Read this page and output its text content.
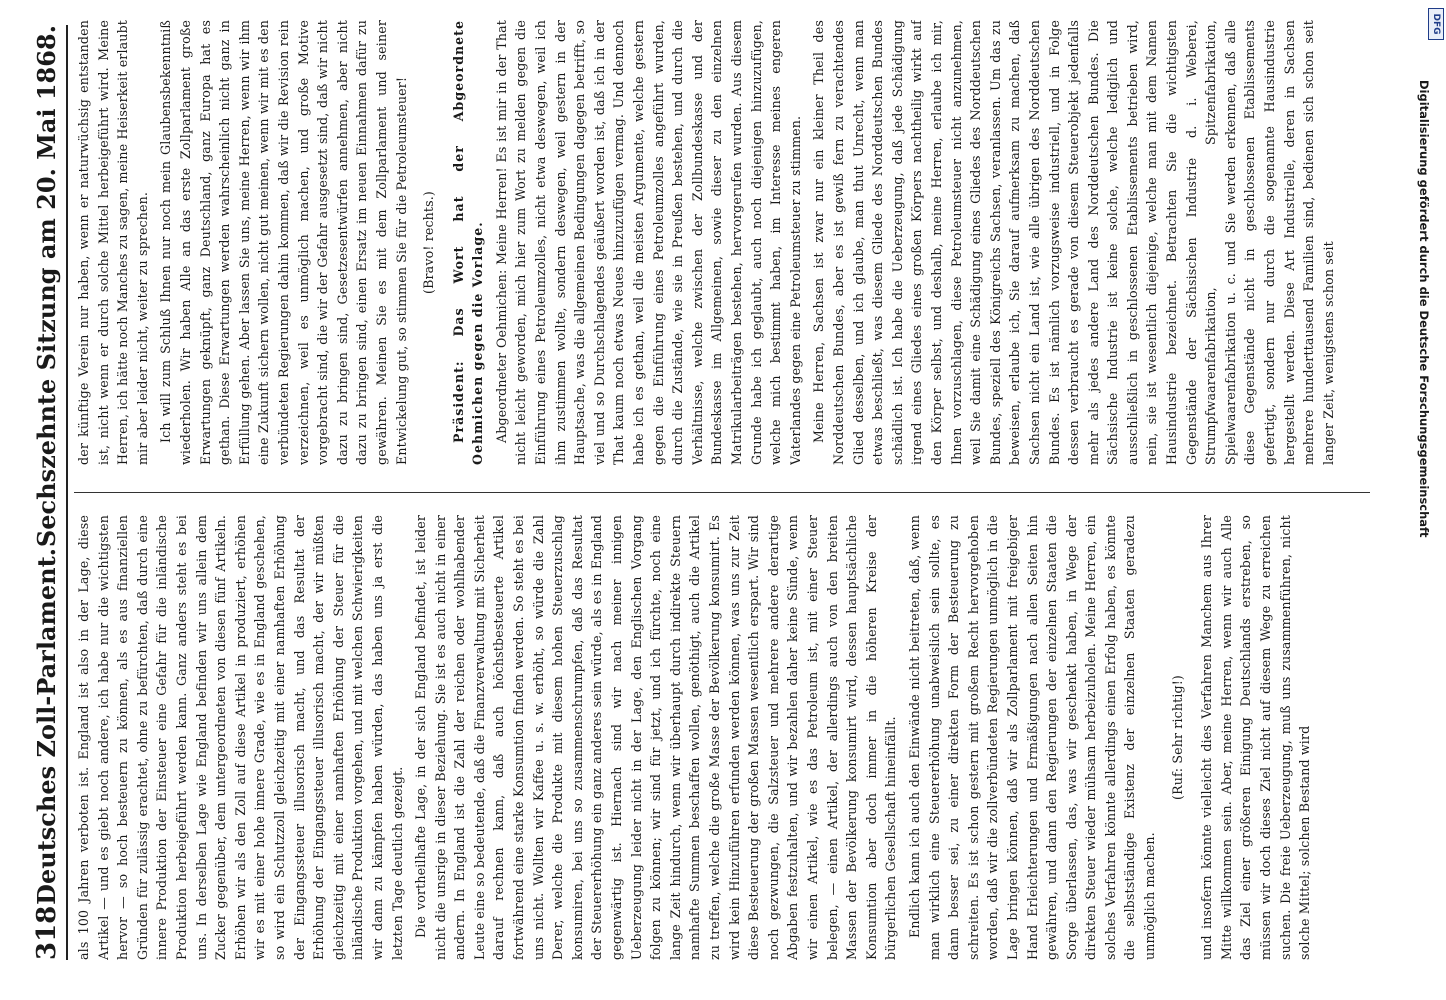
318
Deutsches Zoll-Parlament.
Sechszehnte Sitzung am 20. Mai 1868.

als 100 Jahren verboten ist. England ist also in der Lage, diese Artikel — und es giebt noch andere, ich habe nur die wichtigsten hervor — so hoch besteuern zu können, als es aus finanziellen Gründen für zulässig erachtet, ohne zu befürchten, daß durch eine innere Produktion der Einsteuer eine Gefahr für die inländische Produktion herbeigeführt werden kann. Ganz anders steht es bei uns. In derselben Lage wie England befinden wir uns allein dem Zucker gegenüber, dem untergeordneten von diesen fünf Artikeln. Erhöhen wir als den Zoll auf diese Artikel in produziert, erhöhen wir es mit einer hohe innere Grade, wie es in England geschehen, so wird ein Schutzzoll gleichzeitig mit einer namhaften Erhöhung der Eingangssteuer illusorisch macht, und das Resultat der Erhöhung der Eingangssteuer illusorisch macht, der wir müßten gleichzeitig mit einer namhaften Erhöhung der Steuer für die inländische Produktion vorgehen, und mit welchen Schwierigkeiten wir dann zu kämpfen haben würden, das haben uns ja erst die letzten Tage deutlich gezeigt. Die vortheilhafte Lage, in der sich England befindet, ist leider nicht die unsrige in dieser Beziehung. Sie ist es auch nicht in einer andern. In England ist die Zahl der reichen oder wohlhabender Leute eine so bedeutende, daß die Finanzverwaltung mit Sicherheit darauf rechnen kann, daß auch höchstbesteuerte Artikel fortwährend eine starke Konsumtion finden werden. So steht es bei uns nicht. Wollten wir Kaffee u. s. w. erhöht, so würde die Zahl Derer, welche die Produkte mit diesem hohen Steuerzuschlag konsumiren, bei uns so zusammenschrumpfen, daß das Resultat der Steuererhöhung ein ganz anderes sein würde, als es in England gegenwärtig ist. Hiernach sind wir nach meiner innigen Ueberzeugung leider nicht in der Lage, den Englischen Vorgang folgen zu können; wir sind für jetzt, und ich fürchte, noch eine lange Zeit hindurch, wenn wir überhaupt durch indirekte Steuern namhafte Summen beschaffen wollen, genöthigt, auch die Artikel zu treffen, welche die große Masse der Bevölkerung konsumirt. Es wird kein Hinzuführen erfunden werden können, was uns zur Zeit diese Besteuerung der großen Massen wesentlich erspart. Wir sind noch gezwungen, die Salzsteuer und mehrere andere derartige Abgaben festzuhalten, und wir bezahlen daher keine Sünde, wenn wir einen Artikel, wie es das Petroleum ist, mit einer Steuer belegen, — einen Artikel, der allerdings auch von den breiten Massen der Bevölkerung konsumirt wird, dessen hauptsächliche Konsumtion aber doch immer in die höheren Kreise der bürgerlichen Gesellschaft hineinfällt. Endlich kann ich auch den Einwände nicht beitreten, daß, wenn man wirklich eine Steuererhöhung unabweislich sein sollte, es dann besser sei, zu einer direkten Form der Besteuerung zu schreiten. Es ist schon gestern mit großem Recht hervorgehoben worden, daß wir die zollverbündeten Regierungen unmöglich in die Lage bringen können, daß wir als Zollparlament mit freigebiger Hand Erleichterungen und Ermäßigungen nach allen Seiten hin gewähren, und dann den Regierungen der einzelnen Staaten die Sorge überlassen, das, was wir geschenkt haben, in Wege der direkten Steuer wieder mühsam herbeizuholen. Meine Herren, ein solches Verfahren könnte allerdings einen Erfolg haben, es könnte die selbstständige Existenz der einzelnen Staaten geradezu unmöglich machen.

(Ruf: Sehr richtig!) und insofern könnte vielleicht dies Verfahren Manchem aus Ihrer Mitte willkommen sein. Aber, meine Herren, wenn wir auch Alle das Ziel einer größeren Einigung Deutschlands erstreben, so müssen wir doch dieses Ziel nicht auf diesem Wege zu erreichen suchen. Die freie Ueberzeugung, muß uns zusammenführen, nicht solche Mittel; solchen Bestand wird

der künftige Verein nur haben, wenn er naturwüchsig entstanden ist, nicht wenn er durch solche Mittel herbeigeführt wird. Meine Herren, ich hätte noch Manches zu sagen, meine Heiserkeit erlaubt mir aber leider nicht, weiter zu sprechen. Ich will zum Schluß Ihnen nur noch mein Glaubensbekenntniß wiederholen. Wir haben Alle an das erste Zollparlament große Erwartungen geknüpft, ganz Deutschland, ganz Europa hat es gethan. Diese Erwartungen werden wahrscheinlich nicht ganz in Erfüllung gehen. Aber lassen Sie uns, meine Herren, wenn wir ihm eine Zukunft sichern wollen, nicht gut meinen, wenn wir mit es den verbündeten Regierungen dahin kommen, daß wir die Revision rein verzeichnen, weil es unmöglich machen, und große Motive vorgebracht sind, die wir der Gefahr ausgesetzt sind, daß wir nicht dazu zu bringen sind, Gesetzesentwürfen annehmen, aber nicht dazu zu bringen sind, einen Ersatz im neuen Einnahmen dafür zu gewähren. Meinen Sie es mit dem Zollparlament und seiner Entwickelung gut, so stimmen Sie für die Petroleumsteuer! (Bravo! rechts.) Präsident: Das Wort hat der Abgeordnete Oehmichen gegen die Vorlage. Abgeordneter Oehmichen: Meine Herren! Es ist mir in der That nicht leicht geworden, mich hier zum Wort zu melden gegen die Einführung eines Petroleumzolles, nicht etwa deswegen, weil ich ihm zustimmen wollte, sondern deswegen, weil gestern in der Hauptsache, was die allgemeinen Bedingungen dagegen betrifft, so viel und so Durchschlagendes geäußert worden ist, daß ich in der That kaum noch etwas Neues hinzuzufügen vermag. Und dennoch habe ich es gethan, weil die meisten Argumente, welche gestern gegen die Einführung eines Petroleumzolles angeführt wurden, durch die Zustände, wie sie in Preußen bestehen, und durch die Verhältnisse, welche zwischen der Zollbundeskasse und der Bundeskasse im Allgemeinen, sowie dieser zu den einzelnen Matrikularbeiträgen bestehen, hervorgerufen wurden. Aus diesem Grunde habe ich geglaubt, auch noch diejenigen hinzuzufügen, welche mich bestimmt haben, im Interesse meines engeren Vaterlandes gegen eine Petroleumsteuer zu stimmen. Meine Herren, Sachsen ist zwar nur ein kleiner Theil des Norddeutschen Bundes, aber es ist gewiß fern zu verachtendes Glied desselben, und ich glaube, man thut Unrecht, wenn man etwas beschließt, was diesem Gliede des Norddeutschen Bundes schädlich ist. Ich habe die Ueberzeugung, daß jede Schädigung irgend eines Gliedes eines großen Körpers nachtheilig wirkt auf den Körper selbst, und deshalb, meine Herren, erlaube ich mir, Ihnen vorzuschlagen, diese Petroleumsteuer nicht anzunehmen, weil Sie damit eine Schädigung eines Gliedes des Norddeutschen Bundes, speziell des Königreichs Sachsen, veranlassen. Um das zu beweisen, erlaube ich, Sie darauf aufmerksam zu machen, daß Sachsen nicht ein Land ist, wie alle übrigen des Norddeutschen Bundes. Es ist nämlich vorzugsweise industriell, und in Folge dessen verbraucht es gerade von diesem Steuerobjekt jedenfalls mehr als jedes andere Land des Norddeutschen Bundes. Die Sächsische Industrie ist keine solche, welche lediglich und ausschließlich in geschlossenen Etablissements betrieben wird, nein, sie ist wesentlich diejenige, welche man mit dem Namen Hausindustrie bezeichnet. Betrachten Sie die wichtigsten Gegenstände der Sächsischen Industrie d. i. Weberei, Strumpfwaarenfabrikation, Spitzenfabrikation, Spielwaarenfabrikation u. c. und Sie werden erkennen, daß alle diese Gegenstände nicht in geschlossenen Etablissements gefertigt, sondern nur durch die sogenannte Hausindustrie hergestellt werden. Diese Art Industrielle, deren in Sachsen mehrere hunderttausend Familien sind, bedienen sich schon seit langer Zeit, wenigstens schon seit	Digitalisierung gefördert durch die Deutsche Forschungsgemeinschaft
DFG
